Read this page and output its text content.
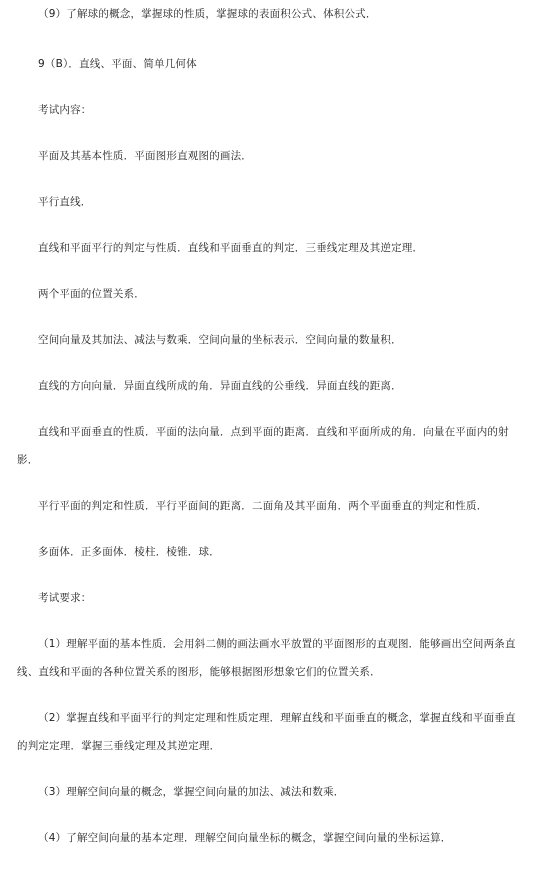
（9）了解球的概念，掌握球的性质，掌握球的表面积公式、体积公式．
9（B）．直线、平面、简单几何体
考试内容：
平面及其基本性质．平面图形直观图的画法．
平行直线．
直线和平面平行的判定与性质．直线和平面垂直的判定．三垂线定理及其逆定理．
两个平面的位置关系．
空间向量及其加法、减法与数乘．空间向量的坐标表示．空间向量的数量积．
直线的方向向量．异面直线所成的角．异面直线的公垂线．异面直线的距离．
直线和平面垂直的性质．平面的法向量．点到平面的距离．直线和平面所成的角．向量在平面内的射
影．
平行平面的判定和性质．平行平面间的距离．二面角及其平面角．两个平面垂直的判定和性质．
多面体．正多面体．棱柱．棱锥．球．
考试要求：
（1）理解平面的基本性质．会用斜二侧的画法画水平放置的平面图形的直观图．能够画出空间两条直
线、直线和平面的各种位置关系的图形，能够根据图形想象它们的位置关系．
（2）掌握直线和平面平行的判定定理和性质定理．理解直线和平面垂直的概念，掌握直线和平面垂直
的判定定理．掌握三垂线定理及其逆定理．
（3）理解空间向量的概念，掌握空间向量的加法、减法和数乘．
（4）了解空间向量的基本定理．理解空间向量坐标的概念，掌握空间向量的坐标运算．
